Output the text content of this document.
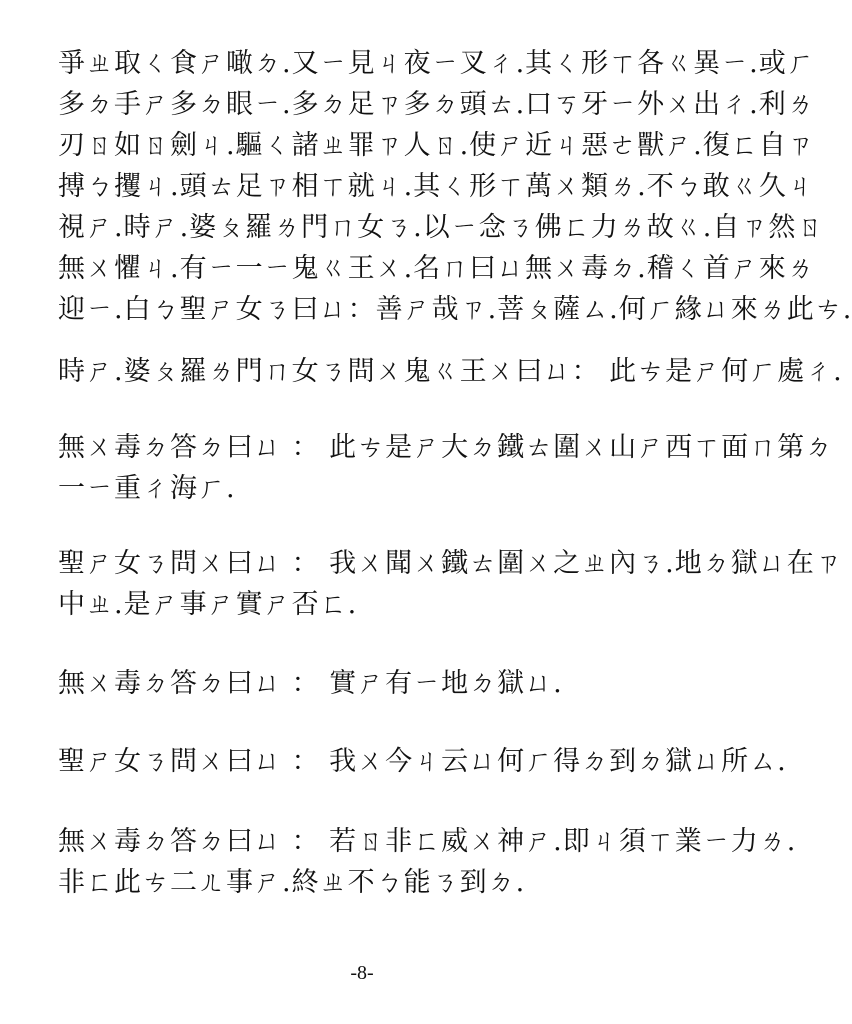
爭ㄓ取ㄑ食ㄕ噉ㄉ.又ㄧ見ㄐ夜ㄧ叉ㄔ.其ㄑ形ㄒ各ㄍ異ㄧ.或ㄏ
多ㄉ手ㄕ多ㄉ眼ㄧ.多ㄉ足ㄗ多ㄉ頭ㄊ.口ㄎ牙ㄧ外ㄨ出ㄔ.利ㄌ
刃ㄖ如ㄖ劍ㄐ.驅ㄑ諸ㄓ罪ㄗ人ㄖ.使ㄕ近ㄐ惡ㄜ獸ㄕ.復ㄈ自ㄗ
搏ㄅ攫ㄐ.頭ㄊ足ㄗ相ㄒ就ㄐ.其ㄑ形ㄒ萬ㄨ類ㄌ.不ㄅ敢ㄍ久ㄐ
視ㄕ.時ㄕ.婆ㄆ羅ㄌ門ㄇ女ㄋ.以ㄧ念ㄋ佛ㄈ力ㄌ故ㄍ.自ㄗ然ㄖ
無ㄨ懼ㄐ.有ㄧ一ㄧ鬼ㄍ王ㄨ.名ㄇ曰ㄩ無ㄨ毒ㄉ.稽ㄑ首ㄕ來ㄌ
迎ㄧ.白ㄅ聖ㄕ女ㄋ曰ㄩ：善ㄕ哉ㄗ.菩ㄆ薩ㄙ.何ㄏ緣ㄩ來ㄌ此ㄘ.
時ㄕ.婆ㄆ羅ㄌ門ㄇ女ㄋ問ㄨ鬼ㄍ王ㄨ曰ㄩ： 此ㄘ是ㄕ何ㄏ處ㄔ.
無ㄨ毒ㄉ答ㄉ曰ㄩ ： 此ㄘ是ㄕ大ㄉ鐵ㄊ圍ㄨ山ㄕ西ㄒ面ㄇ第ㄉ
一ㄧ重ㄔ海ㄏ.
聖ㄕ女ㄋ問ㄨ曰ㄩ ： 我ㄨ聞ㄨ鐵ㄊ圍ㄨ之ㄓ內ㄋ.地ㄉ獄ㄩ在ㄗ
中ㄓ.是ㄕ事ㄕ實ㄕ否ㄈ.
無ㄨ毒ㄉ答ㄉ曰ㄩ ： 實ㄕ有ㄧ地ㄉ獄ㄩ.
聖ㄕ女ㄋ問ㄨ曰ㄩ ： 我ㄨ今ㄐ云ㄩ何ㄏ得ㄉ到ㄉ獄ㄩ所ㄙ.
無ㄨ毒ㄉ答ㄉ曰ㄩ ： 若ㄖ非ㄈ威ㄨ神ㄕ.即ㄐ須ㄒ業ㄧ力ㄌ.
非ㄈ此ㄘ二ㄦ事ㄕ.終ㄓ不ㄅ能ㄋ到ㄉ.
-8-
